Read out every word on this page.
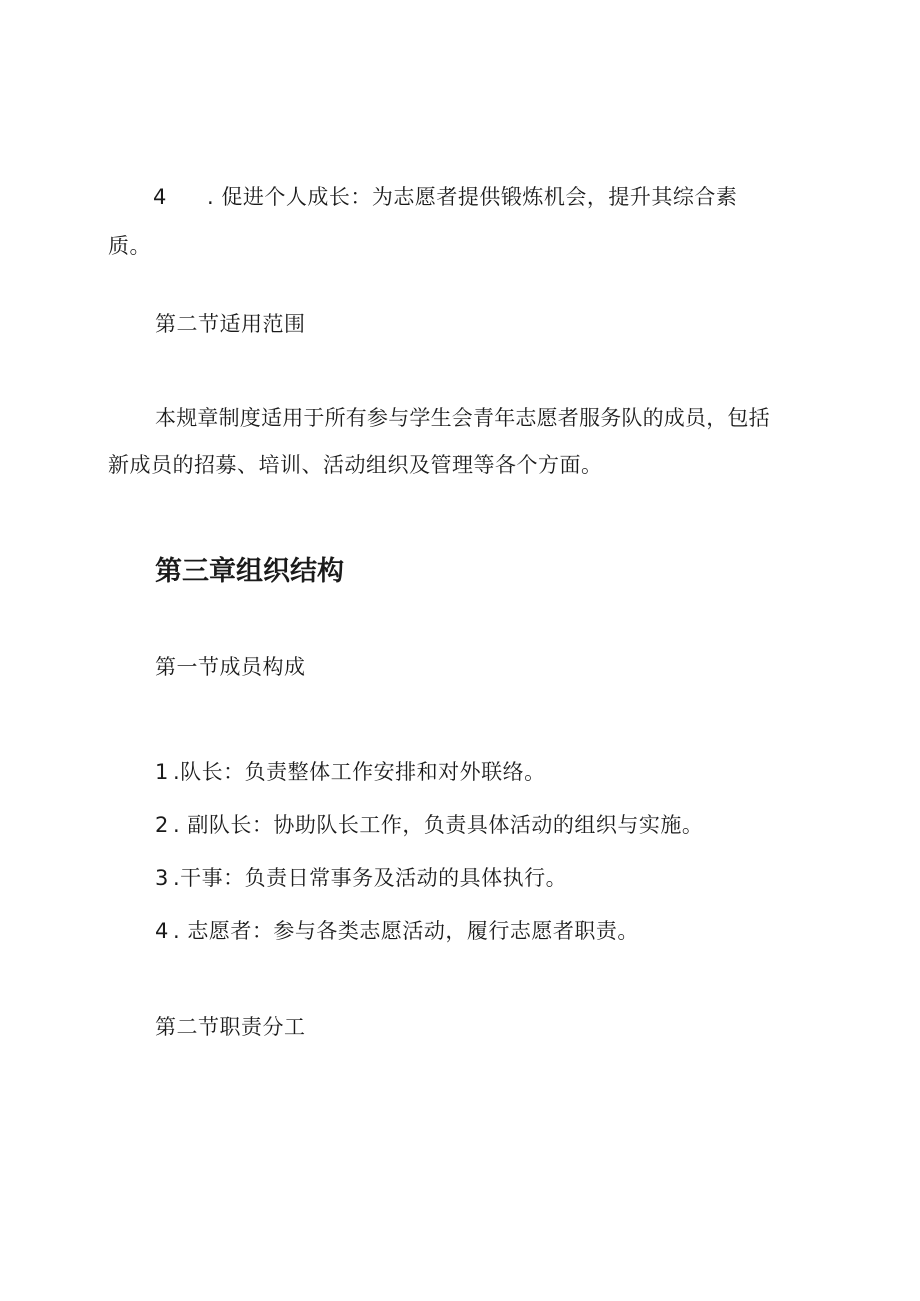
4 . 促进个人成长：为志愿者提供锻炼机会，提升其综合素
质。
第二节适用范围
本规章制度适用于所有参与学生会青年志愿者服务队的成员，包括
新成员的招募、培训、活动组织及管理等各个方面。
第三章组织结构
第一节成员构成
1 .队长：负责整体工作安排和对外联络。
2 . 副队长：协助队长工作，负责具体活动的组织与实施。
3 .干事：负责日常事务及活动的具体执行。
4 . 志愿者：参与各类志愿活动，履行志愿者职责。
第二节职责分工
